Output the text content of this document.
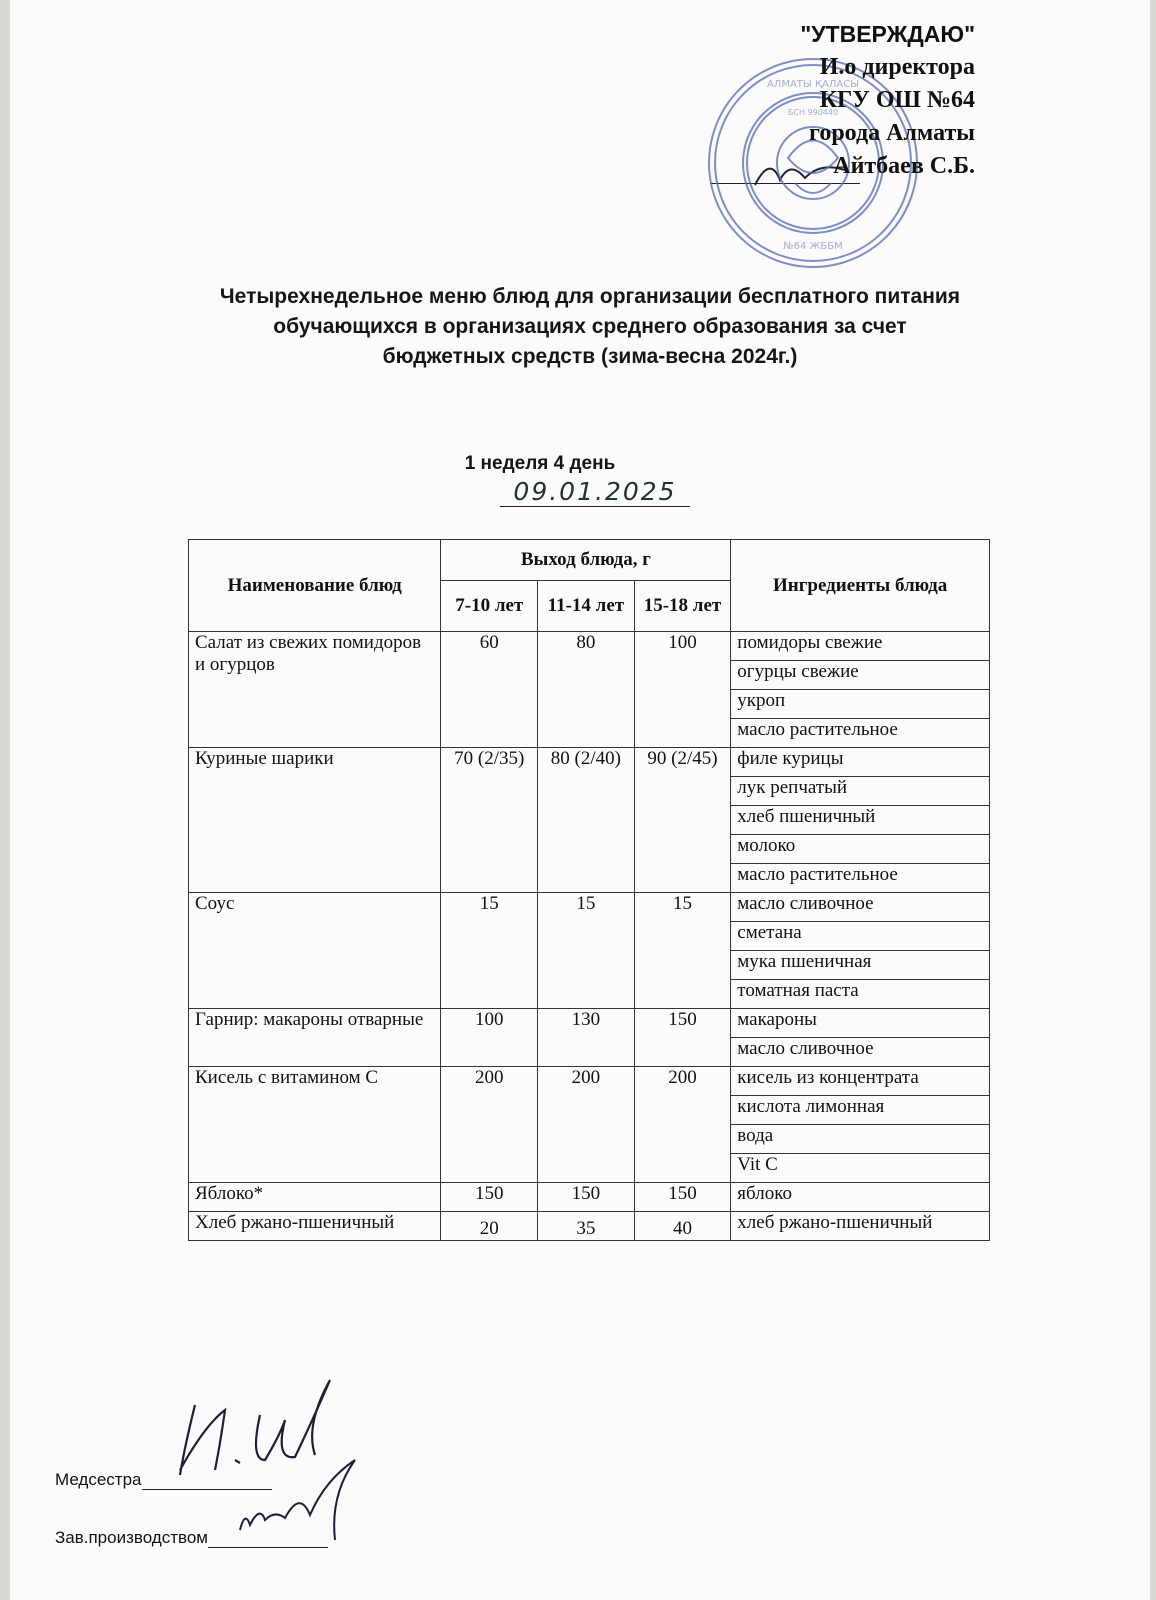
АЛМАТЫ ҚАЛАСЫ
№64 ЖББМ
БСН 990440
"УТВЕРЖДАЮ"
И.о директора
КГУ ОШ №64
города Алматы
Айтбаев С.Б.
Четырехнедельное меню блюд для организации бесплатного питания
обучающихся в организациях среднего образования за счет
бюджетных средств (зима-весна 2024г.)
1 неделя 4 день
09.01.2025
Наименование блюд	Выход блюда, г			Ингредиенты блюда
	7-10 лет	11-14 лет	15-18 лет	
Салат из свежих помидоров и огурцов	60	80	100	помидоры свежие
				огурцы свежие
				укроп
				масло растительное
Куриные шарики	70 (2/35)	80 (2/40)	90 (2/45)	филе курицы
				лук репчатый
				хлеб пшеничный
				молоко
				масло растительное
Соус	15	15	15	масло сливочное
				сметана
				мука пшеничная
				томатная паста
Гарнир: макароны отварные	100	130	150	макароны
				масло сливочное
Кисель с витамином С	200	200	200	кисель из концентрата
				кислота лимонная
				вода
				Vit C
Яблоко*	150	150	150	яблоко
Хлеб ржано-пшеничный	20	35	40	хлеб ржано-пшеничный
Медсестра
Зав.производством
